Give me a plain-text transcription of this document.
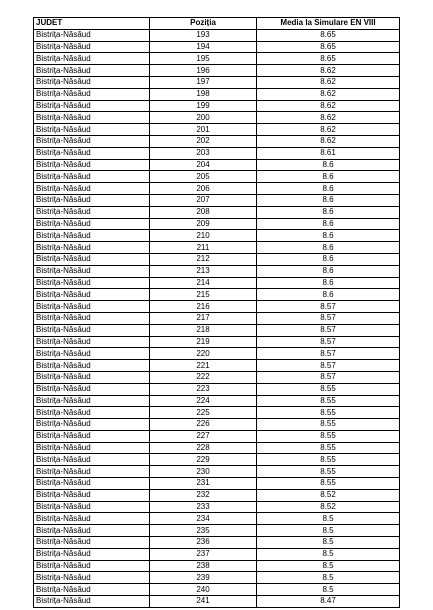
JUDET	Poziția	Media la Simulare EN VIII
Bistrița-Năsăud	193	8.65
Bistrița-Năsăud	194	8.65
Bistrița-Năsăud	195	8.65
Bistrița-Năsăud	196	8.62
Bistrița-Năsăud	197	8.62
Bistrița-Năsăud	198	8.62
Bistrița-Năsăud	199	8.62
Bistrița-Năsăud	200	8.62
Bistrița-Năsăud	201	8.62
Bistrița-Năsăud	202	8.62
Bistrița-Năsăud	203	8.61
Bistrița-Năsăud	204	8.6
Bistrița-Năsăud	205	8.6
Bistrița-Năsăud	206	8.6
Bistrița-Năsăud	207	8.6
Bistrița-Năsăud	208	8.6
Bistrița-Năsăud	209	8.6
Bistrița-Năsăud	210	8.6
Bistrița-Năsăud	211	8.6
Bistrița-Năsăud	212	8.6
Bistrița-Năsăud	213	8.6
Bistrița-Năsăud	214	8.6
Bistrița-Năsăud	215	8.6
Bistrița-Năsăud	216	8.57
Bistrița-Năsăud	217	8.57
Bistrița-Năsăud	218	8.57
Bistrița-Năsăud	219	8.57
Bistrița-Năsăud	220	8.57
Bistrița-Năsăud	221	8.57
Bistrița-Năsăud	222	8.57
Bistrița-Năsăud	223	8.55
Bistrița-Năsăud	224	8.55
Bistrița-Năsăud	225	8.55
Bistrița-Năsăud	226	8.55
Bistrița-Năsăud	227	8.55
Bistrița-Năsăud	228	8.55
Bistrița-Năsăud	229	8.55
Bistrița-Năsăud	230	8.55
Bistrița-Năsăud	231	8.55
Bistrița-Năsăud	232	8.52
Bistrița-Năsăud	233	8.52
Bistrița-Năsăud	234	8.5
Bistrița-Năsăud	235	8.5
Bistrița-Năsăud	236	8.5
Bistrița-Năsăud	237	8.5
Bistrița-Năsăud	238	8.5
Bistrița-Năsăud	239	8.5
Bistrița-Năsăud	240	8.5
Bistrița-Năsăud	241	8.47
